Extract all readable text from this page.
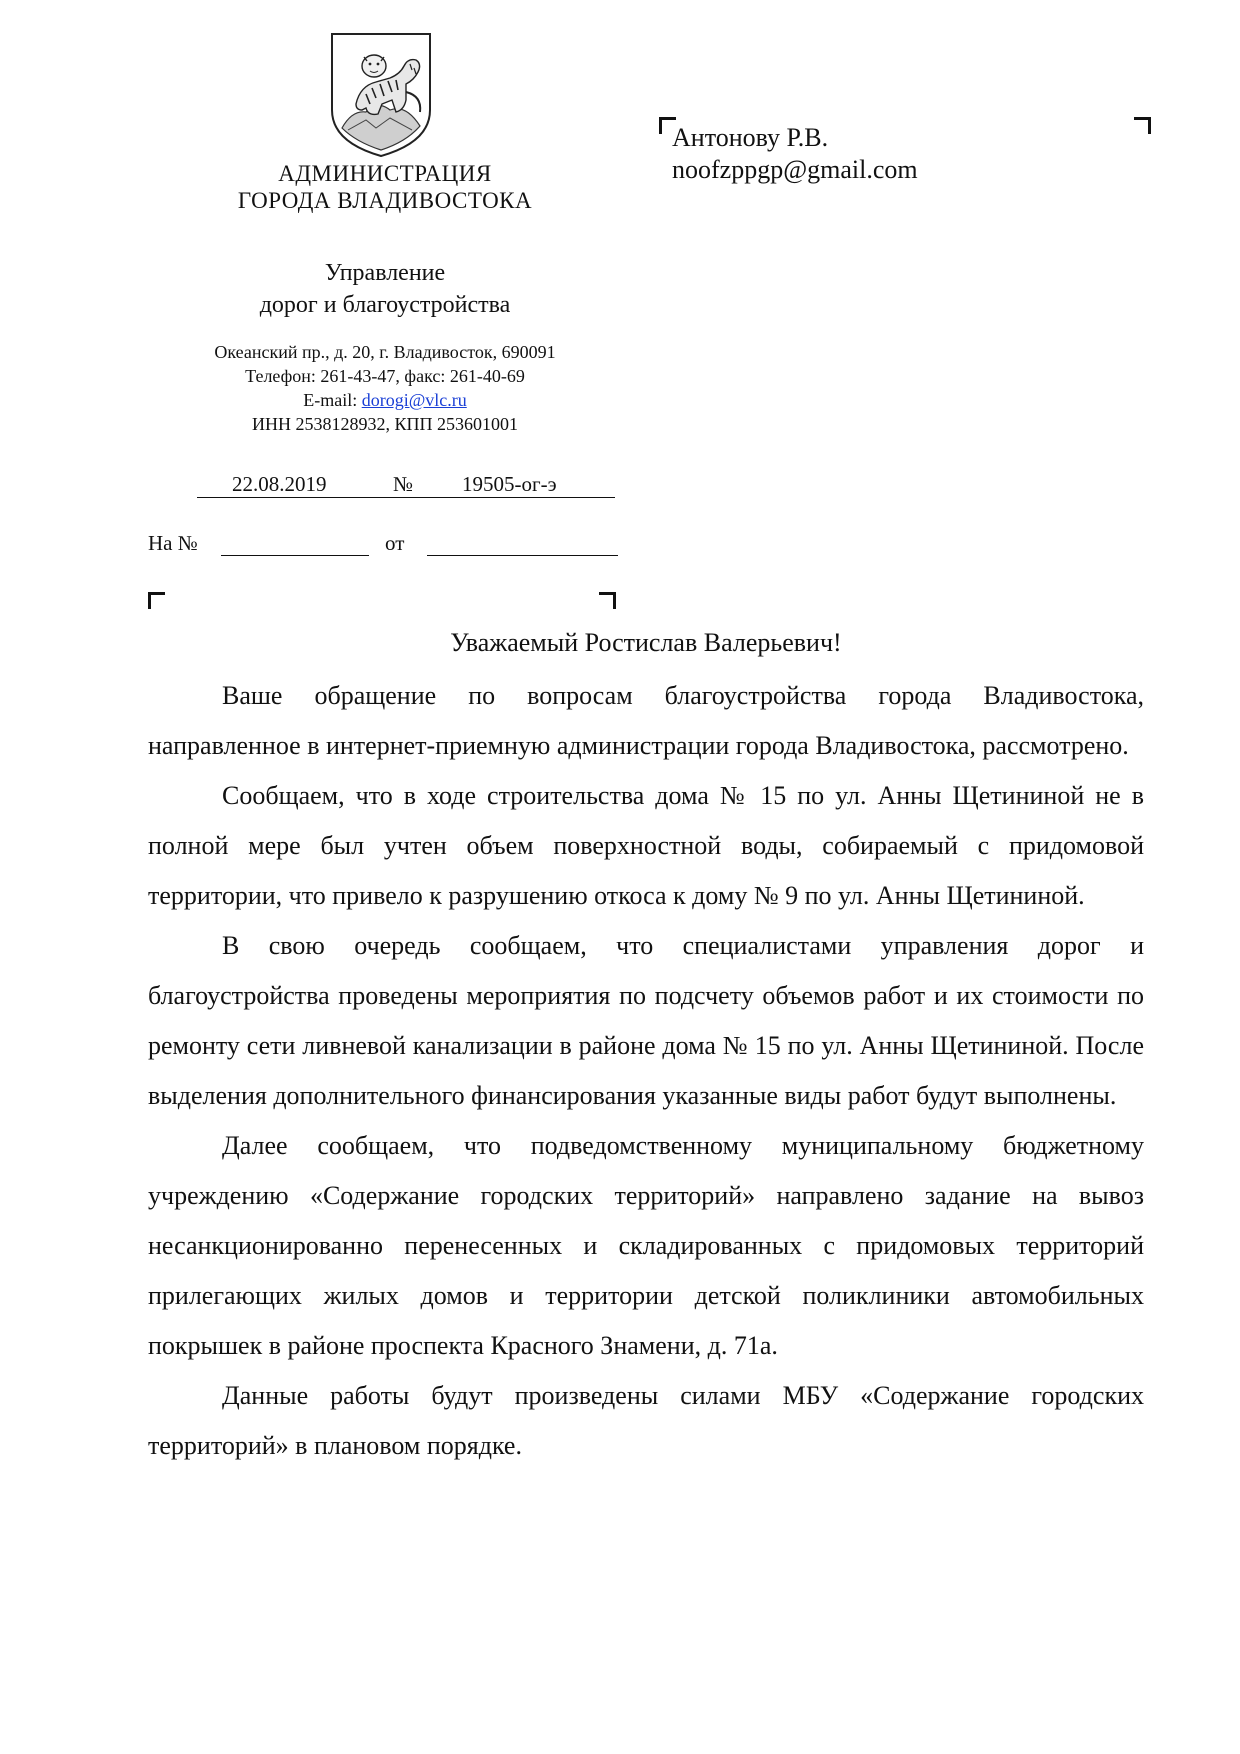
АДМИНИСТРАЦИЯ
ГОРОДА ВЛАДИВОСТОКА
Управление
дорог и благоустройства
Океанский пр., д. 20, г. Владивосток, 690091
Телефон: 261-43-47, факс: 261-40-69
E-mail: dorogi@vlc.ru
ИНН 2538128932, КПП 253601001
22.08.2019	№ 19505-ог-э
На №	от
Антонову Р.В.
noofzppgp@gmail.com
Уважаемый Ростислав Валерьевич!

Ваше обращение по вопросам благоустройства города Владивостока, направленное в интернет-приемную администрации города Владивостока, рассмотрено.

Сообщаем, что в ходе строительства дома № 15 по ул. Анны Щетининой не в полной мере был учтен объем поверхностной воды, собираемый с придомовой территории, что привело к разрушению откоса к дому № 9 по ул. Анны Щетининой.

В свою очередь сообщаем, что специалистами управления дорог и благоустройства проведены мероприятия по подсчету объемов работ и их стоимости по ремонту сети ливневой канализации в районе дома № 15 по ул. Анны Щетининой. После выделения дополнительного финансирования указанные виды работ будут выполнены.

Далее сообщаем, что подведомственному муниципальному бюджетному учреждению «Содержание городских территорий» направлено задание на вывоз несанкционированно перенесенных и складированных с придомовых территорий прилегающих жилых домов и территории детской поликлиники автомобильных покрышек в районе проспекта Красного Знамени, д. 71а.

Данные работы будут произведены силами МБУ «Содержание городских территорий» в плановом порядке.
